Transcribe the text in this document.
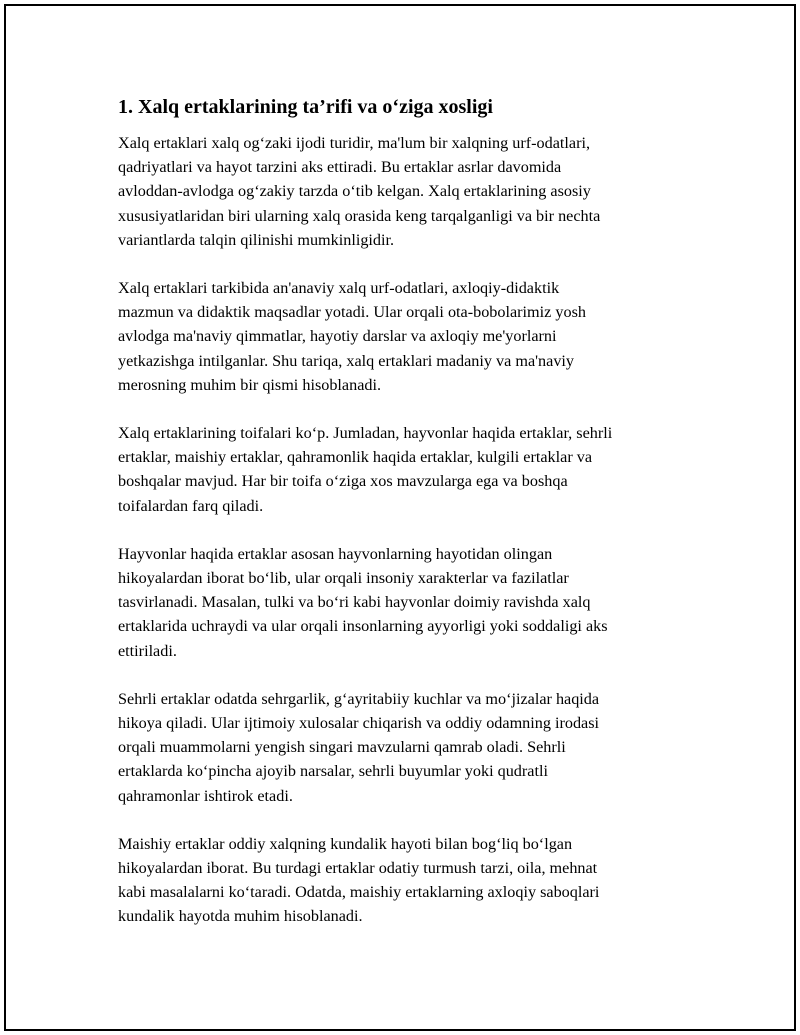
1. Xalq ertaklarining ta’rifi va o‘ziga xosligi

Xalq ertaklari xalq og‘zaki ijodi turidir, ma'lum bir xalqning urf-odatlari,
qadriyatlari va hayot tarzini aks ettiradi. Bu ertaklar asrlar davomida
avloddan-avlodga og‘zakiy tarzda o‘tib kelgan. Xalq ertaklarining asosiy
xususiyatlaridan biri ularning xalq orasida keng tarqalganligi va bir nechta
variantlarda talqin qilinishi mumkinligidir.

Xalq ertaklari tarkibida an'anaviy xalq urf-odatlari, axloqiy-didaktik
mazmun va didaktik maqsadlar yotadi. Ular orqali ota-bobolarimiz yosh
avlodga ma'naviy qimmatlar, hayotiy darslar va axloqiy me'yorlarni
yetkazishga intilganlar. Shu tariqa, xalq ertaklari madaniy va ma'naviy
merosning muhim bir qismi hisoblanadi.

Xalq ertaklarining toifalari ko‘p. Jumladan, hayvonlar haqida ertaklar, sehrli
ertaklar, maishiy ertaklar, qahramonlik haqida ertaklar, kulgili ertaklar va
boshqalar mavjud. Har bir toifa o‘ziga xos mavzularga ega va boshqa
toifalardan farq qiladi.

Hayvonlar haqida ertaklar asosan hayvonlarning hayotidan olingan
hikoyalardan iborat bo‘lib, ular orqali insoniy xarakterlar va fazilatlar
tasvirlanadi. Masalan, tulki va bo‘ri kabi hayvonlar doimiy ravishda xalq
ertaklarida uchraydi va ular orqali insonlarning ayyorligi yoki soddaligi aks
ettiriladi.

Sehrli ertaklar odatda sehrgarlik, g‘ayritabiiy kuchlar va mo‘jizalar haqida
hikoya qiladi. Ular ijtimoiy xulosalar chiqarish va oddiy odamning irodasi
orqali muammolarni yengish singari mavzularni qamrab oladi. Sehrli
ertaklarda ko‘pincha ajoyib narsalar, sehrli buyumlar yoki qudratli
qahramonlar ishtirok etadi.

Maishiy ertaklar oddiy xalqning kundalik hayoti bilan bog‘liq bo‘lgan
hikoyalardan iborat. Bu turdagi ertaklar odatiy turmush tarzi, oila, mehnat
kabi masalalarni ko‘taradi. Odatda, maishiy ertaklarning axloqiy saboqlari
kundalik hayotda muhim hisoblanadi.
